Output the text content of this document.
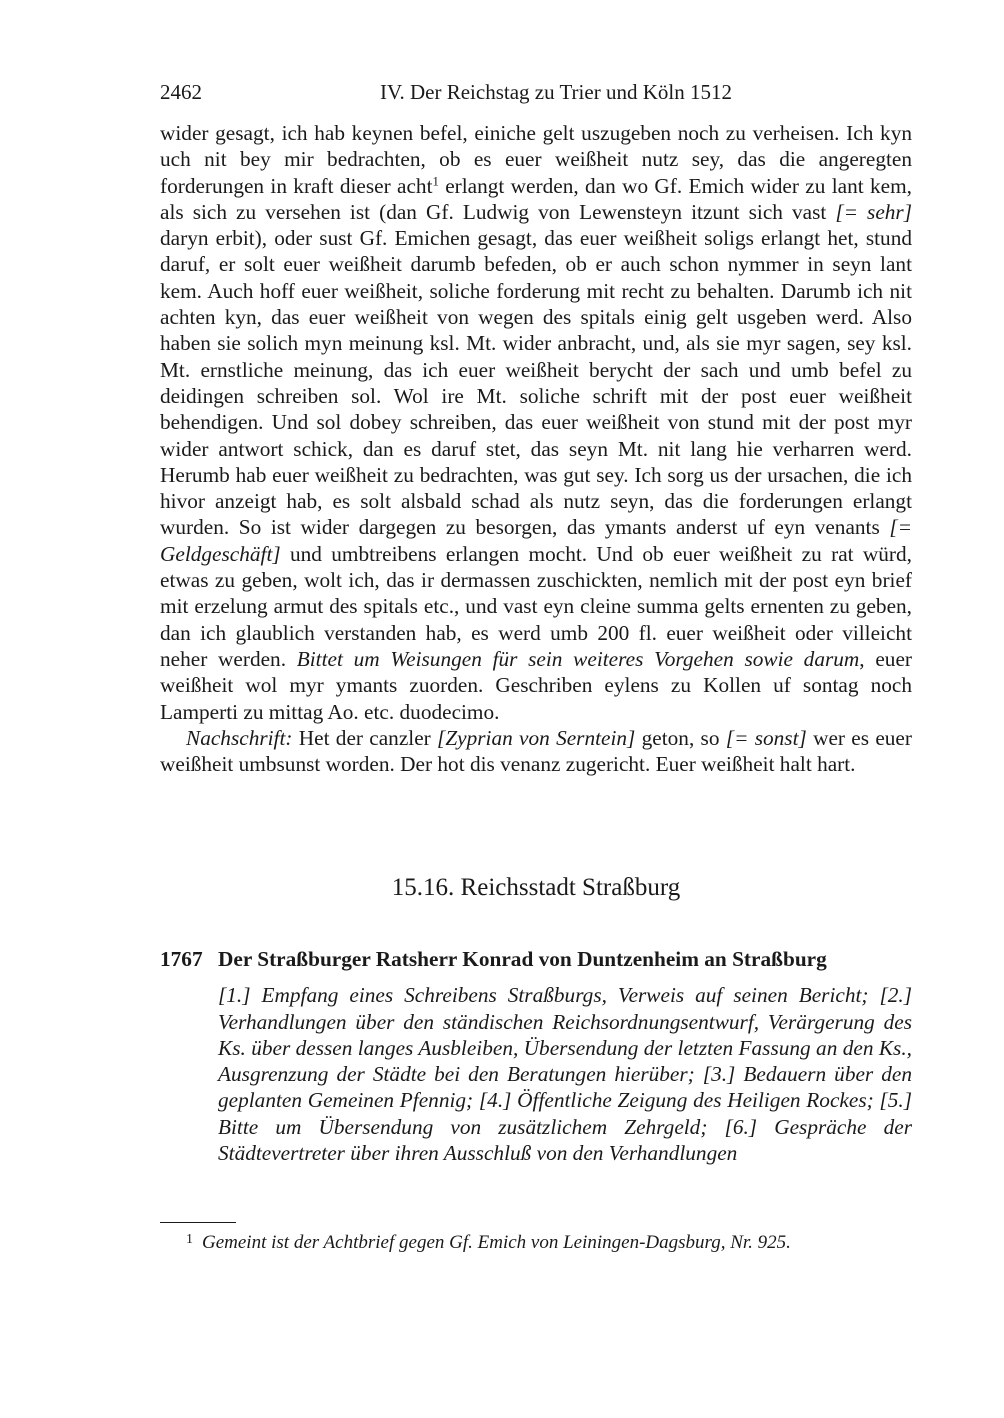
2462	IV. Der Reichstag zu Trier und Köln 1512

wider gesagt, ich hab keynen befel, einiche gelt uszugeben noch zu verheisen. Ich kyn uch nit bey mir bedrachten, ob es euer weißheit nutz sey, das die angeregten forderungen in kraft dieser acht$^1$ erlangt werden, dan wo Gf. Emich wider zu lant kem, als sich zu versehen ist (dan Gf. Ludwig von Lewensteyn itzunt sich vast [= sehr] daryn erbit), oder sust Gf. Emichen gesagt, das euer weißheit soligs erlangt het, stund daruf, er solt euer weißheit darumb befeden, ob er auch schon nymmer in seyn lant kem. Auch hoff euer weißheit, soliche forderung mit recht zu behalten. Darumb ich nit achten kyn, das euer weißheit von wegen des spitals einig gelt usgeben werd. Also haben sie solich myn meinung ksl. Mt. wider anbracht, und, als sie myr sagen, sey ksl. Mt. ernstliche meinung, das ich euer weißheit berycht der sach und umb befel zu deidingen schreiben sol. Wol ire Mt. soliche schrift mit der post euer weißheit behendigen. Und sol dobey schreiben, das euer weißheit von stund mit der post myr wider antwort schick, dan es daruf stet, das seyn Mt. nit lang hie verharren werd. Herumb hab euer weißheit zu bedrachten, was gut sey. Ich sorg us der ursachen, die ich hivor anzeigt hab, es solt alsbald schad als nutz seyn, das die forderungen erlangt wurden. So ist wider dargegen zu besorgen, das ymants anderst uf eyn venants [= Geldgeschäft] und umbtreibens erlangen mocht. Und ob euer weißheit zu rat würd, etwas zu geben, wolt ich, das ir dermassen zuschickten, nemlich mit der post eyn brief mit erzelung armut des spitals etc., und vast eyn cleine summa gelts ernenten zu geben, dan ich glaublich verstanden hab, es werd umb 200 fl. euer weißheit oder villeicht neher werden. Bittet um Weisungen für sein weiteres Vorgehen sowie darum, euer weißheit wol myr ymants zuorden. Geschriben eylens zu Kollen uf sontag noch Lamperti zu mittag Ao. etc. duodecimo.

Nachschrift: Het der canzler [Zyprian von Serntein] geton, so [= sonst] wer es euer weißheit umbsunst worden. Der hot dis venanz zugericht. Euer weißheit halt hart.

15.16. Reichsstadt Straßburg
1767 Der Straßburger Ratsherr Konrad von Duntzenheim an Straßburg
[1.] Empfang eines Schreibens Straßburgs, Verweis auf seinen Bericht; [2.] Verhandlungen über den ständischen Reichsordnungsentwurf, Verärgerung des Ks. über dessen langes Ausbleiben, Übersendung der letzten Fassung an den Ks., Ausgrenzung der Städte bei den Beratungen hierüber; [3.] Bedauern über den geplanten Gemeinen Pfennig; [4.] Öffentliche Zeigung des Heiligen Rockes; [5.] Bitte um Übersendung von zusätzlichem Zehrgeld; [6.] Gespräche der Städtevertreter über ihren Ausschluß von den Verhandlungen
$^1$ Gemeint ist der Achtbrief gegen Gf. Emich von Leiningen-Dagsburg, Nr. 925.
